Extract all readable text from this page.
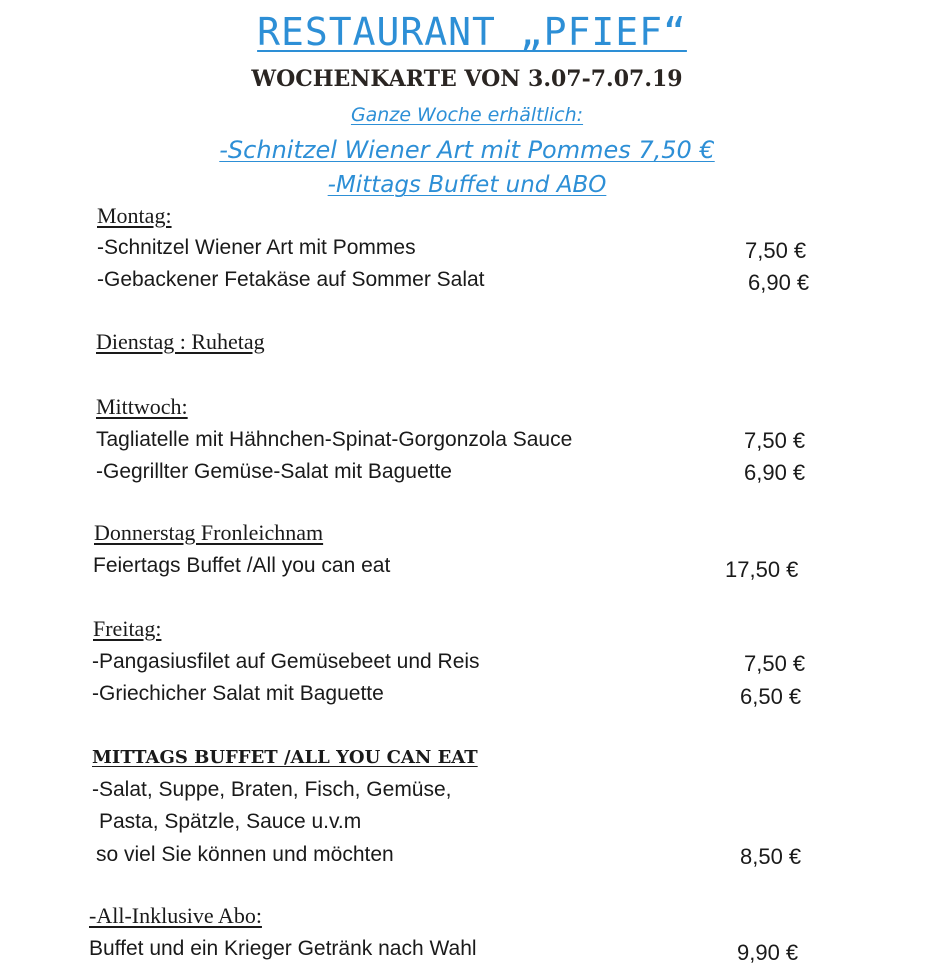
RESTAURANT „PFIEF“
WOCHENKARTE VON 3.07-7.07.19
Ganze Woche erhältlich:
-Schnitzel Wiener Art mit Pommes 7,50 €
-Mittags Buffet und ABO
Montag:
-Schnitzel Wiener Art mit Pommes	7,50 €
-Gebackener Fetakäse auf Sommer Salat	6,90 €
Dienstag : Ruhetag
Mittwoch:
Tagliatelle mit Hähnchen-Spinat-Gorgonzola Sauce	7,50 €
-Gegrillter Gemüse-Salat mit Baguette	6,90 €
Donnerstag Fronleichnam
Feiertags Buffet /All you can eat	17,50 €
Freitag:
-Pangasiusfilet auf Gemüsebeet und Reis	7,50 €
-Griechicher Salat mit Baguette	6,50 €
MITTAGS BUFFET /ALL YOU CAN EAT
-Salat, Suppe, Braten, Fisch, Gemüse,
Pasta, Spätzle, Sauce u.v.m
so viel Sie können und möchten	8,50 €
-All-Inklusive Abo:
Buffet und ein Krieger Getränk nach Wahl	9,90 €
